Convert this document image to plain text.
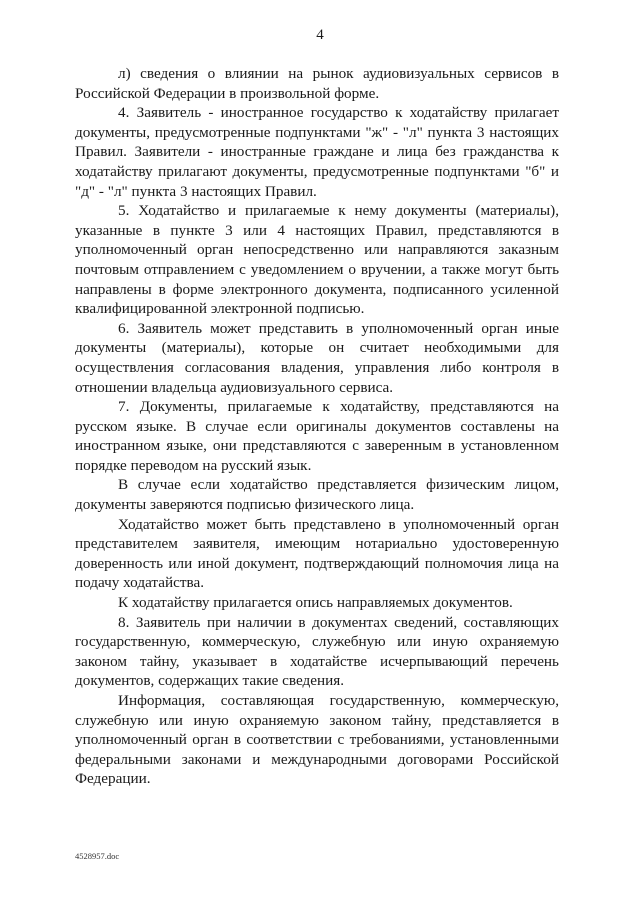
4

л) сведения о влиянии на рынок аудиовизуальных сервисов в Российской Федерации в произвольной форме.

4. Заявитель - иностранное государство к ходатайству прилагает документы, предусмотренные подпунктами "ж" - "л" пункта 3 настоящих Правил. Заявители - иностранные граждане и лица без гражданства к ходатайству прилагают документы, предусмотренные подпунктами "б" и "д" - "л" пункта 3 настоящих Правил.

5. Ходатайство и прилагаемые к нему документы (материалы), указанные в пункте 3 или 4 настоящих Правил, представляются в уполномоченный орган непосредственно или направляются заказным почтовым отправлением с уведомлением о вручении, а также могут быть направлены в форме электронного документа, подписанного усиленной квалифицированной электронной подписью.

6. Заявитель может представить в уполномоченный орган иные документы (материалы), которые он считает необходимыми для осуществления согласования владения, управления либо контроля в отношении владельца аудиовизуального сервиса.

7. Документы, прилагаемые к ходатайству, представляются на русском языке. В случае если оригиналы документов составлены на иностранном языке, они представляются с заверенным в установленном порядке переводом на русский язык.

В случае если ходатайство представляется физическим лицом, документы заверяются подписью физического лица.

Ходатайство может быть представлено в уполномоченный орган представителем заявителя, имеющим нотариально удостоверенную доверенность или иной документ, подтверждающий полномочия лица на подачу ходатайства.

К ходатайству прилагается опись направляемых документов.

8. Заявитель при наличии в документах сведений, составляющих государственную, коммерческую, служебную или иную охраняемую законом тайну, указывает в ходатайстве исчерпывающий перечень документов, содержащих такие сведения.

Информация, составляющая государственную, коммерческую, служебную или иную охраняемую законом тайну, представляется в уполномоченный орган в соответствии с требованиями, установленными федеральными законами и международными договорами Российской Федерации.

4528957.doc
